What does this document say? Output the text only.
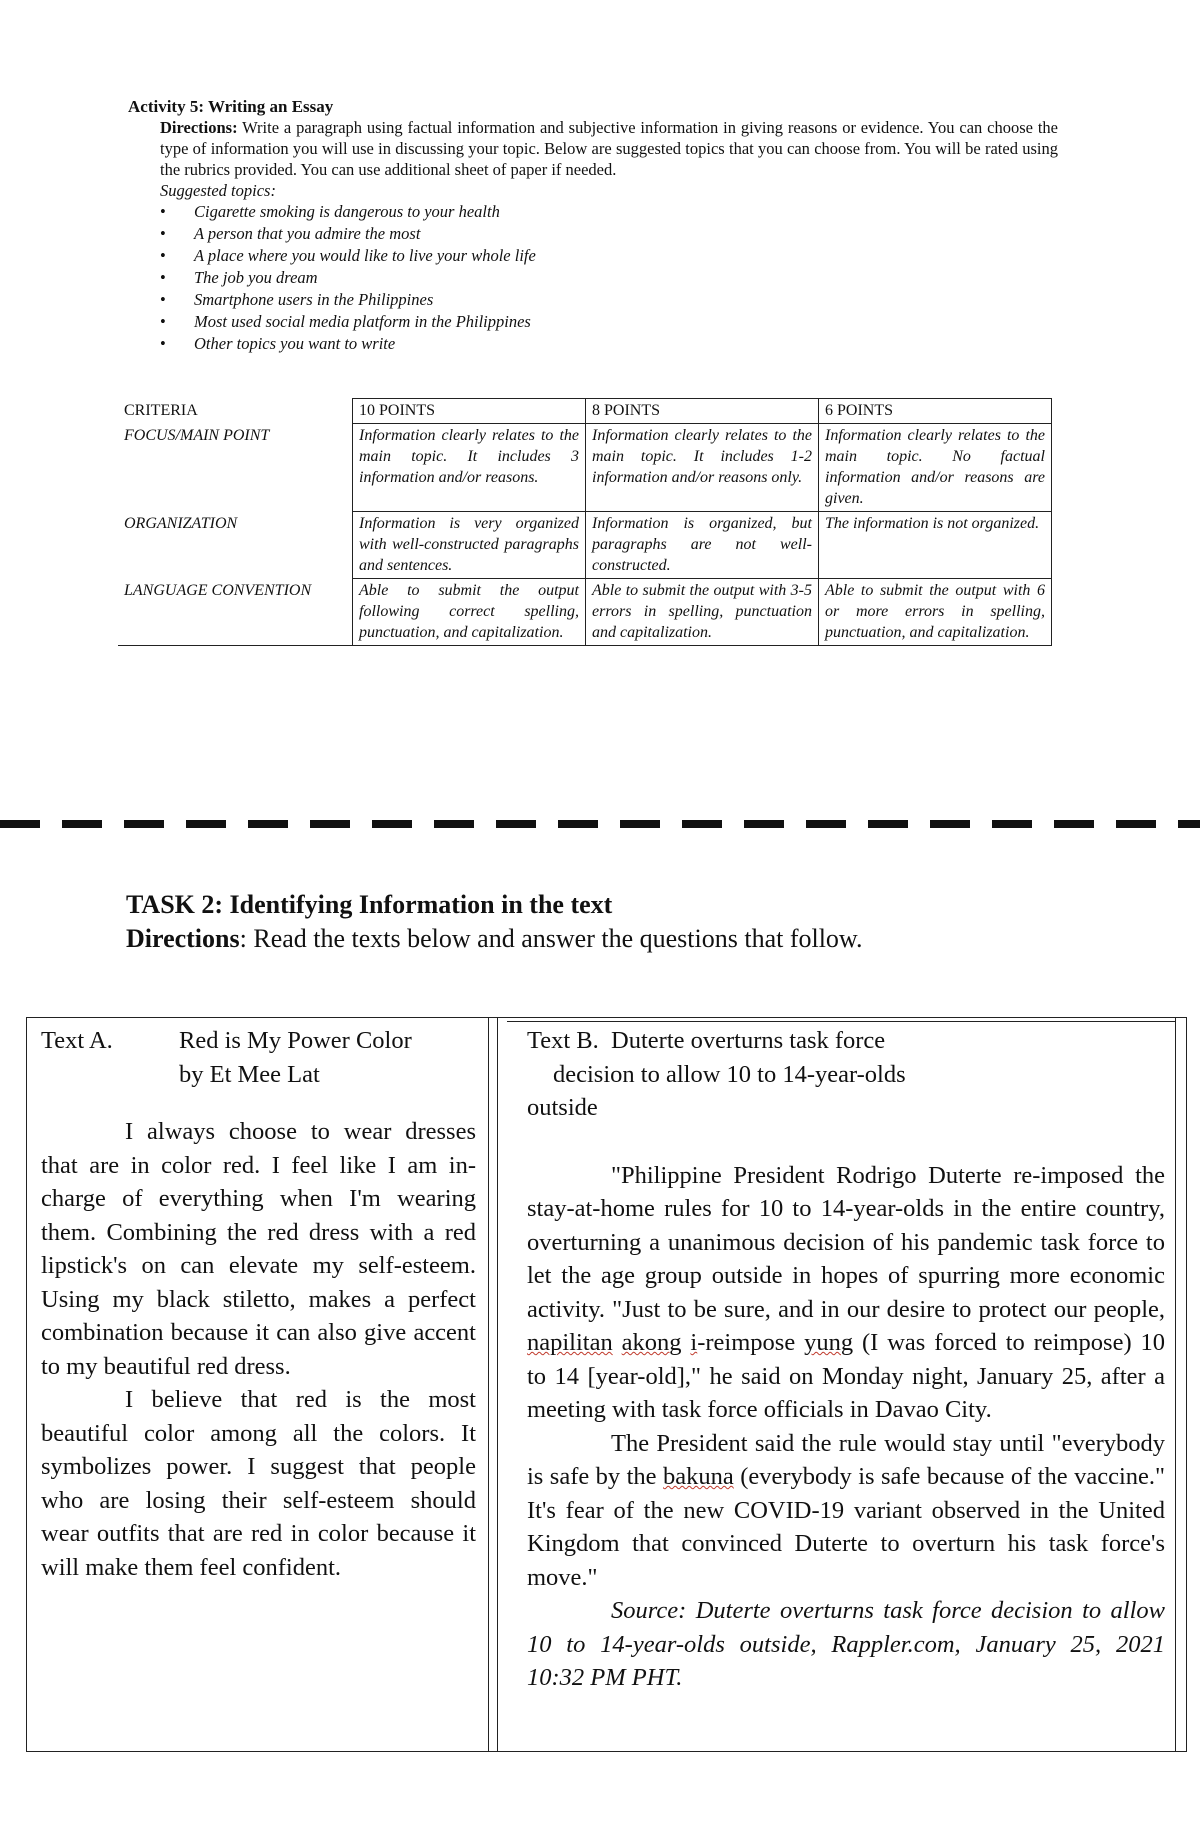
Activity 5: Writing an Essay

Directions: Write a paragraph using factual information and subjective information in giving reasons or evidence. You can choose the type of information you will use in discussing your topic. Below are suggested topics that you can choose from. You will be rated using the rubrics provided. You can use additional sheet of paper if needed.

Suggested topics:

• Cigarette smoking is dangerous to your health
• A person that you admire the most
• A place where you would like to live your whole life
• The job you dream
• Smartphone users in the Philippines
• Most used social media platform in the Philippines
• Other topics you want to write
CRITERIA	10 POINTS	8 POINTS	6 POINTS
FOCUS/MAIN POINT	Information clearly relates to the main topic. It includes 3 information and/or reasons.	Information clearly relates to the main topic. It includes 1-2 information and/or reasons only.	Information clearly relates to the main topic. No factual information and/or reasons are given.
ORGANIZATION	Information is very organized with well-constructed paragraphs and sentences.	Information is organized, but paragraphs are not well-constructed.	The information is not organized.
LANGUAGE CONVENTION	Able to submit the output following correct spelling, punctuation, and capitalization.	Able to submit the output with 3-5 errors in spelling, punctuation and capitalization.	Able to submit the output with 6 or more errors in spelling, punctuation, and capitalization.

TASK 2: Identifying Information in the text

Directions: Read the texts below and answer the questions that follow.

Text A.	Red is My Power Color

by Et Mee Lat

I always choose to wear dresses that are in color red. I feel like I am in-charge of everything when I'm wearing them. Combining the red dress with a red lipstick's on can elevate my self-esteem. Using my black stiletto, makes a perfect combination because it can also give accent to my beautiful red dress.

I believe that red is the most beautiful color among all the colors. It symbolizes power. I suggest that people who are losing their self-esteem should wear outfits that are red in color because it will make them feel confident.

Text B. Duterte overturns task force
decision to allow 10 to 14-year-olds
outside

"Philippine President Rodrigo Duterte re-imposed the stay-at-home rules for 10 to 14-year-olds in the entire country, overturning a unanimous decision of his pandemic task force to let the age group outside in hopes of spurring more economic activity. "Just to be sure, and in our desire to protect our people, napilitan akong i-reimpose yung (I was forced to reimpose) 10 to 14 [year-old]," he said on Monday night, January 25, after a meeting with task force officials in Davao City.

The President said the rule would stay until "everybody is safe by the bakuna (everybody is safe because of the vaccine." It's fear of the new COVID-19 variant observed in the United Kingdom that convinced Duterte to overturn his task force's move."

Source: Duterte overturns task force decision to allow 10 to 14-year-olds outside, Rappler.com, January 25, 2021 10:32 PM PHT.
